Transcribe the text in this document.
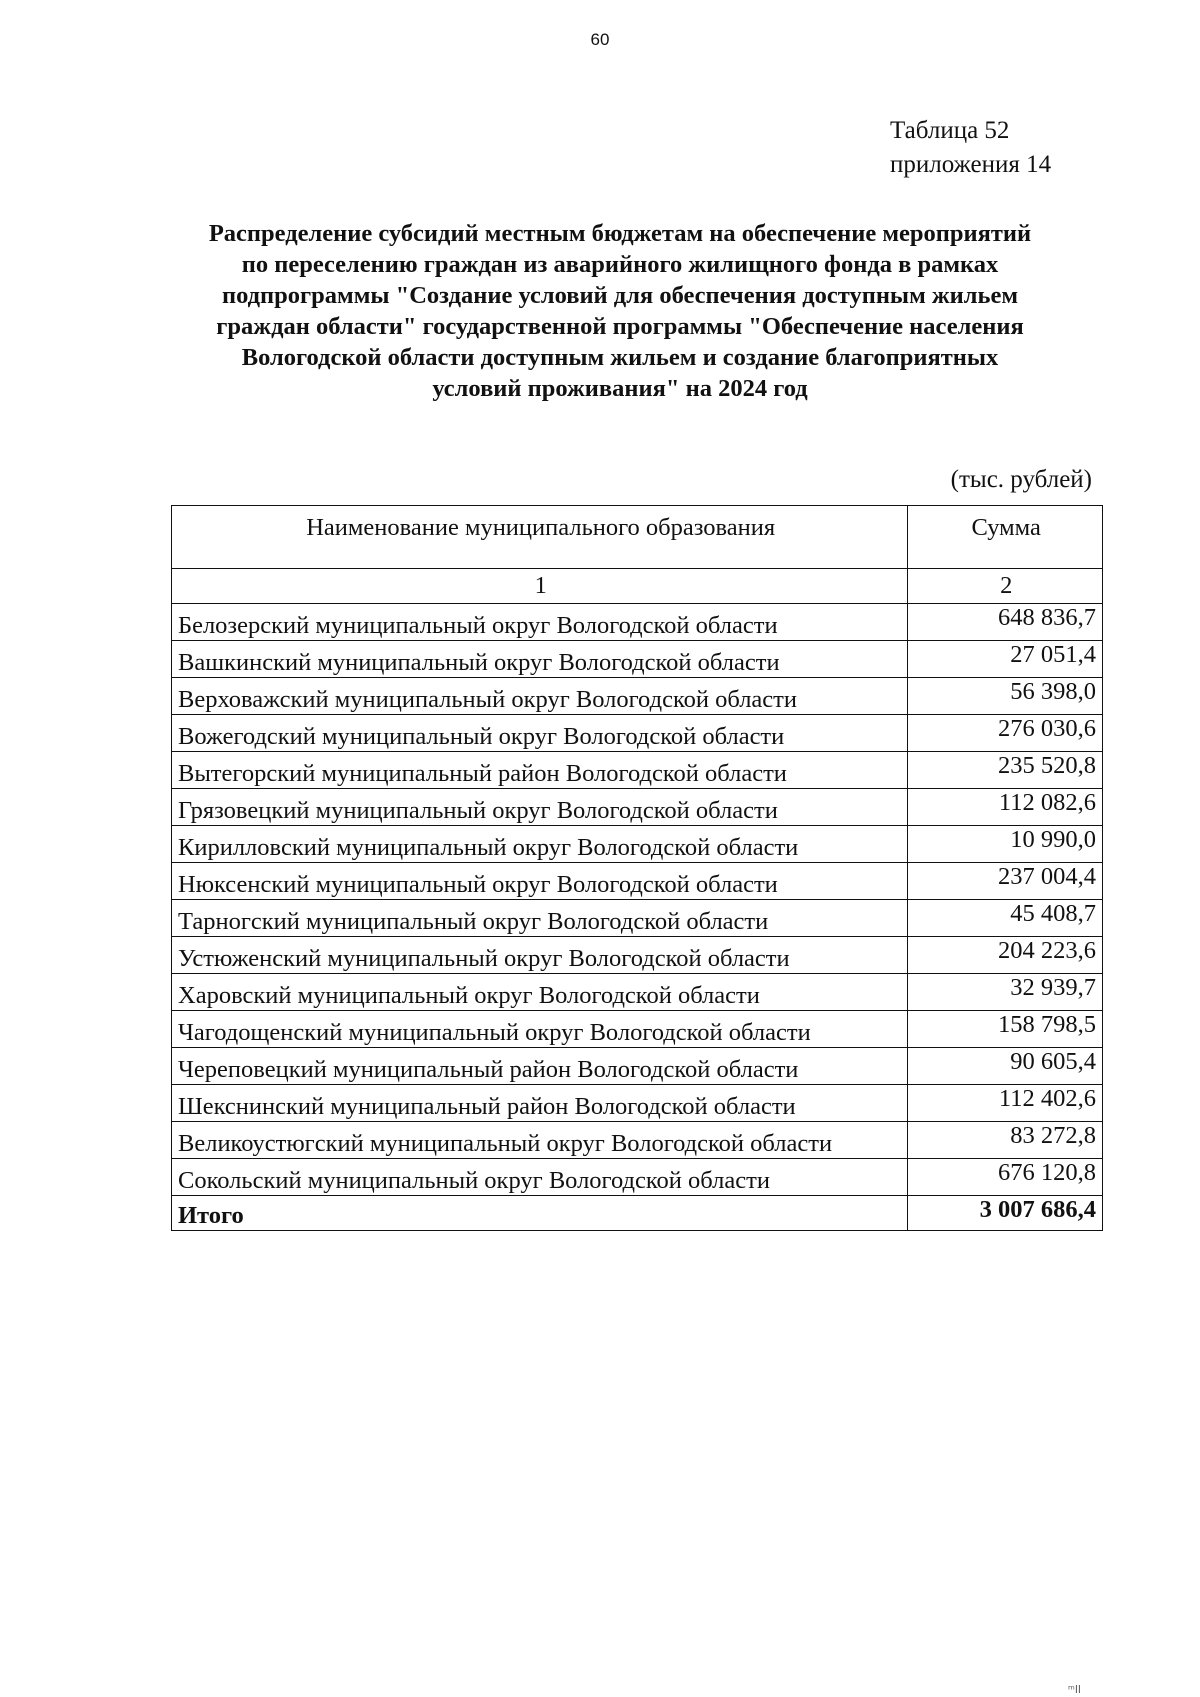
60
Таблица 52
приложения 14
Распределение субсидий местным бюджетам на обеспечение мероприятий
по переселению граждан из аварийного жилищного фонда в рамках
подпрограммы "Создание условий для обеспечения доступным жильем
граждан области" государственной программы "Обеспечение населения
Вологодской области доступным жильем и создание благоприятных
условий проживания" на 2024 год
(тыс. рублей)
Наименование муниципального образования	Сумма
1	2
Белозерский муниципальный округ Вологодской области	648 836,7
Вашкинский муниципальный округ Вологодской области	27 051,4
Верховажский муниципальный округ Вологодской области	56 398,0
Вожегодский муниципальный округ Вологодской области	276 030,6
Вытегорский муниципальный район Вологодской области	235 520,8
Грязовецкий муниципальный округ Вологодской области	112 082,6
Кирилловский муниципальный округ Вологодской области	10 990,0
Нюксенский муниципальный округ Вологодской области	237 004,4
Тарногский муниципальный округ Вологодской области	45 408,7
Устюженский муниципальный округ Вологодской области	204 223,6
Харовский муниципальный округ Вологодской области	32 939,7
Чагодощенский муниципальный округ Вологодской области	158 798,5
Череповецкий муниципальный район Вологодской области	90 605,4
Шекснинский муниципальный район Вологодской области	112 402,6
Великоустюгский муниципальный округ Вологодской области	83 272,8
Сокольский муниципальный округ Вологодской области	676 120,8
Итого	3 007 686,4
ᵐll
